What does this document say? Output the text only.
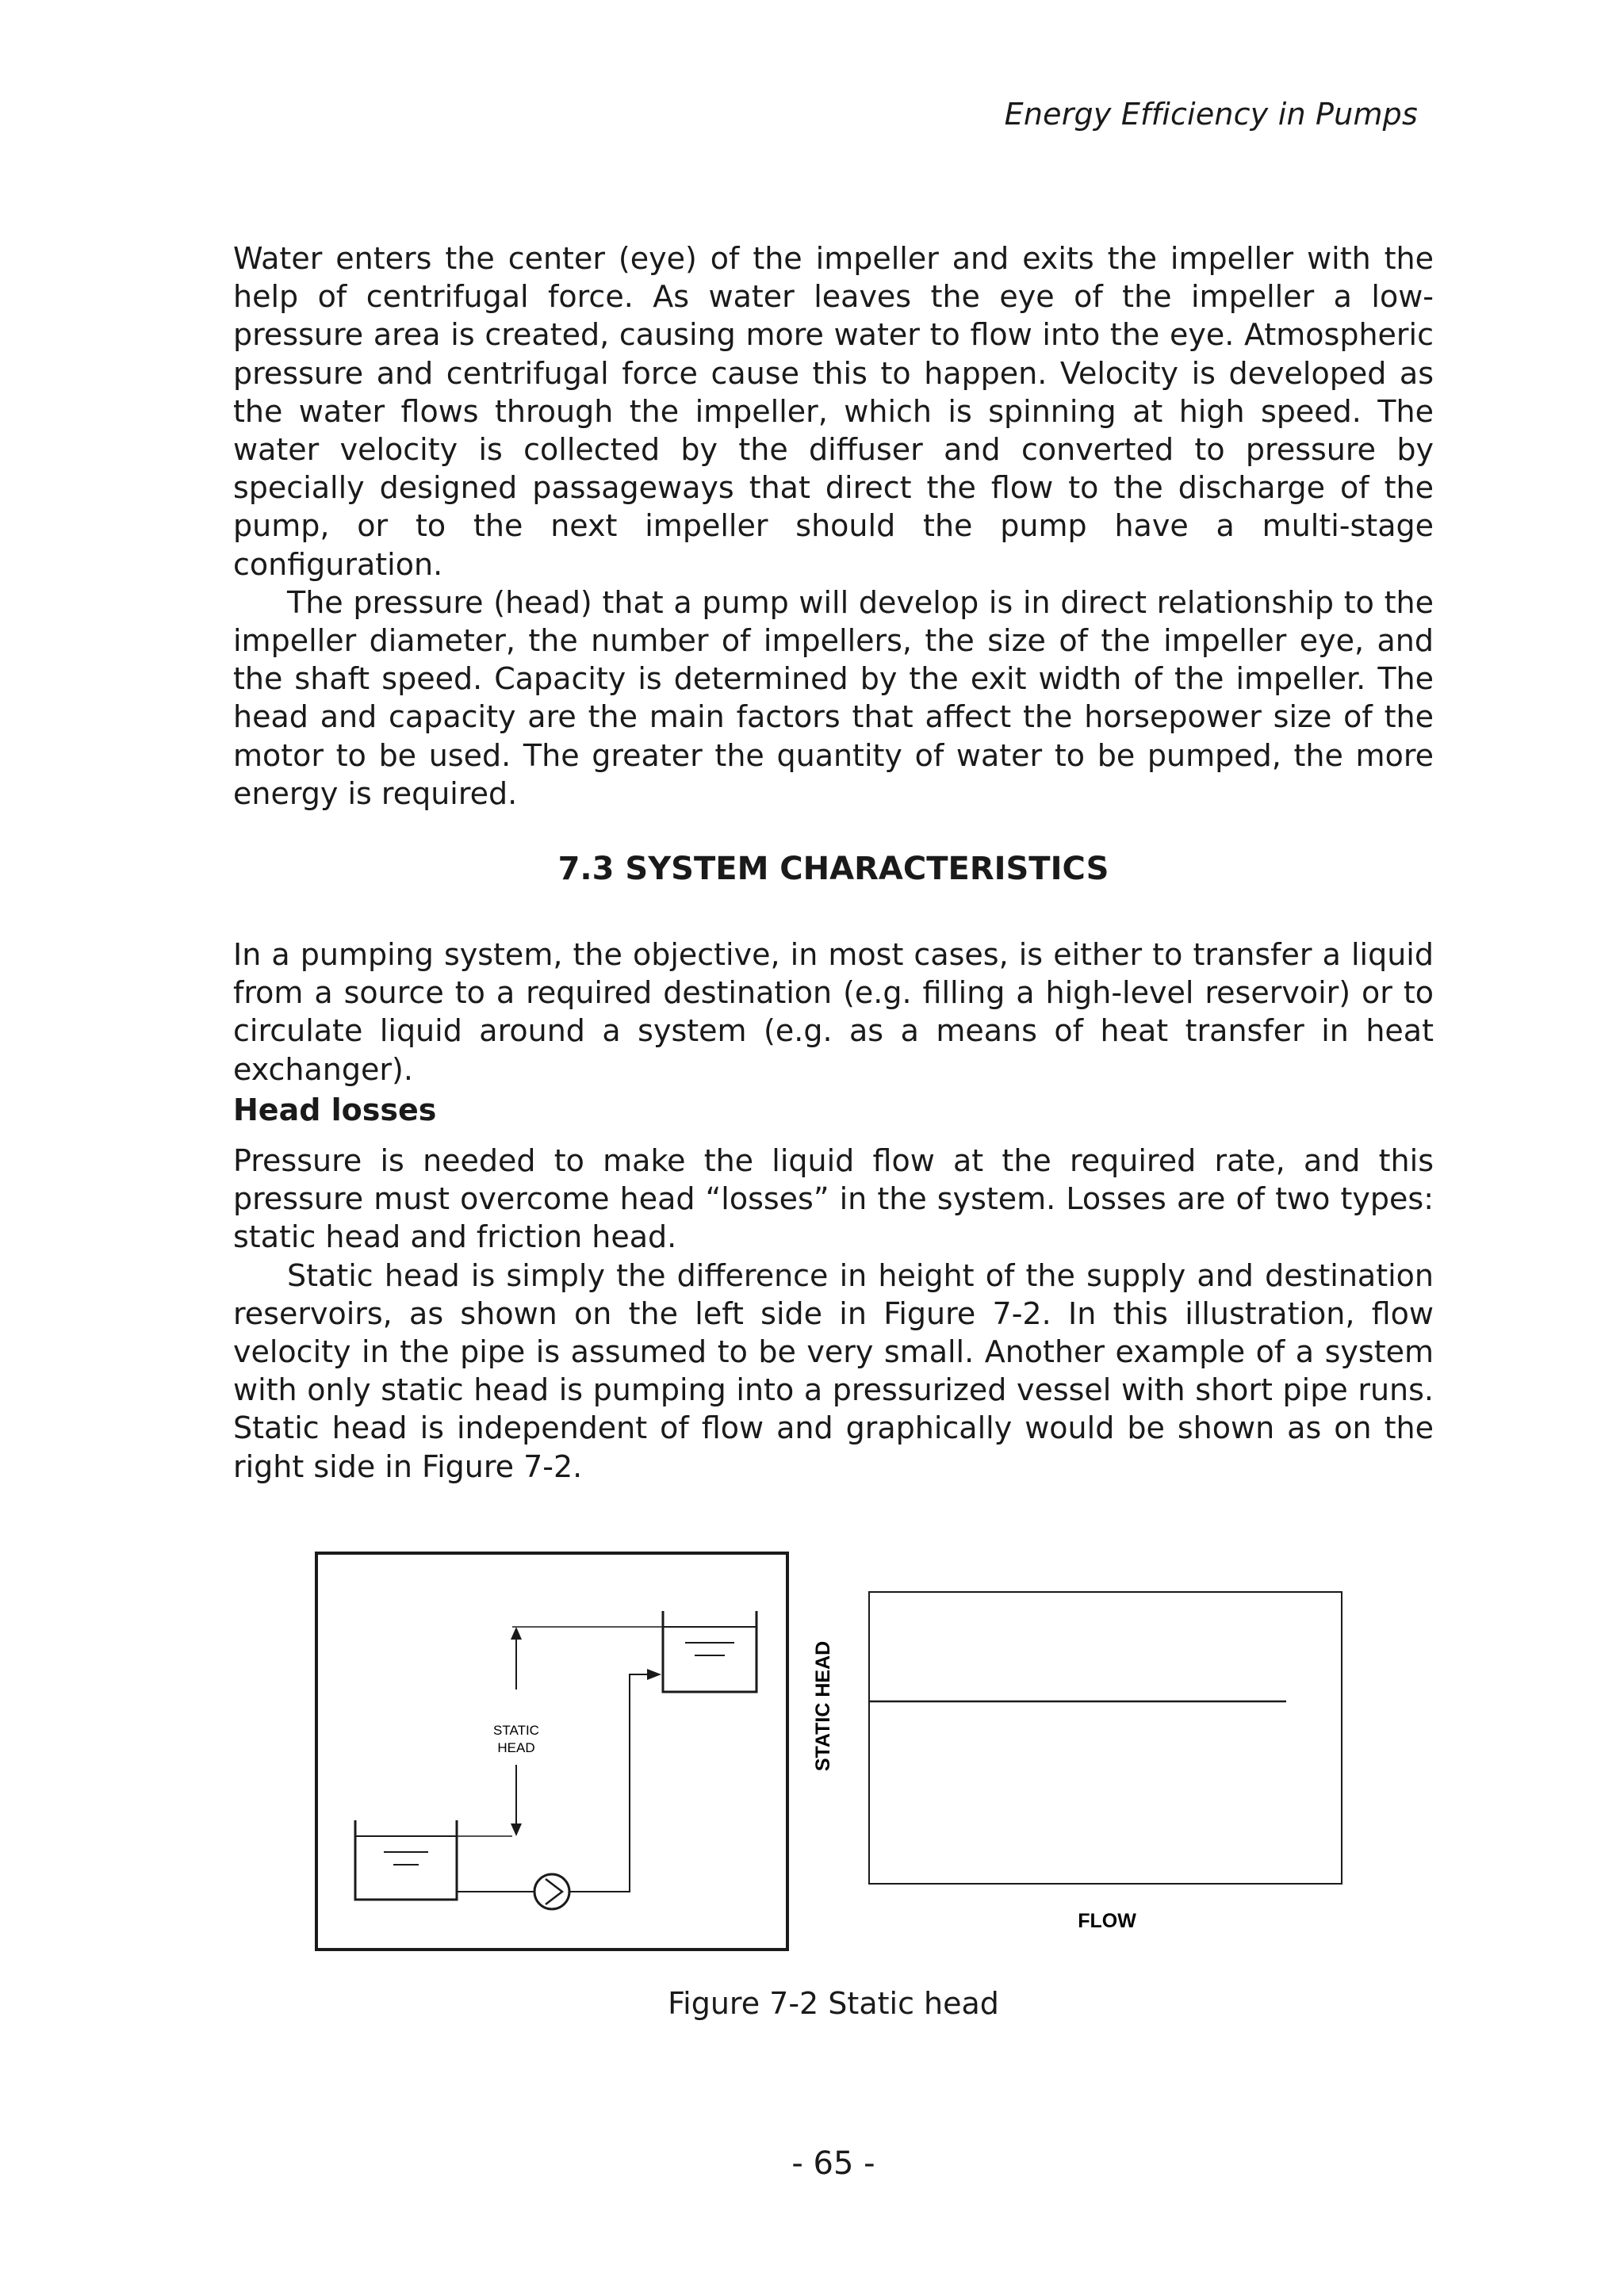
Energy Efficiency in Pumps

Water enters the center (eye) of the impeller and exits the impeller with the help of centrifugal force. As water leaves the eye of the impeller a low-pressure area is created, causing more water to flow into the eye. Atmospheric pressure and centrifugal force cause this to happen. Velocity is developed as the water flows through the impeller, which is spinning at high speed. The water velocity is collected by the diffuser and converted to pressure by specially designed passageways that direct the flow to the discharge of the pump, or to the next impeller should the pump have a multi-stage configuration.

The pressure (head) that a pump will develop is in direct relationship to the impeller diameter, the number of impellers, the size of the impeller eye, and the shaft speed. Capacity is determined by the exit width of the impeller. The head and capacity are the main factors that affect the horsepower size of the motor to be used. The greater the quantity of water to be pumped, the more energy is required.

7.3 SYSTEM CHARACTERISTICS

In a pumping system, the objective, in most cases, is either to transfer a liquid from a source to a required destination (e.g. filling a high-level reservoir) or to circulate liquid around a system (e.g. as a means of heat transfer in heat exchanger).

Head losses

Pressure is needed to make the liquid flow at the required rate, and this pressure must overcome head “losses” in the system. Losses are of two types: static head and friction head.

Static head is simply the difference in height of the supply and destination reservoirs, as shown on the left side in Figure 7-2. In this illustration, flow velocity in the pipe is assumed to be very small. Another example of a system with only static head is pumping into a pressurized vessel with short pipe runs. Static head is independent of flow and graphically would be shown as on the right side in Figure 7-2.

STATIC
HEAD	STATIC HEAD
FLOW

Figure 7-2 Static head

- 65 -
